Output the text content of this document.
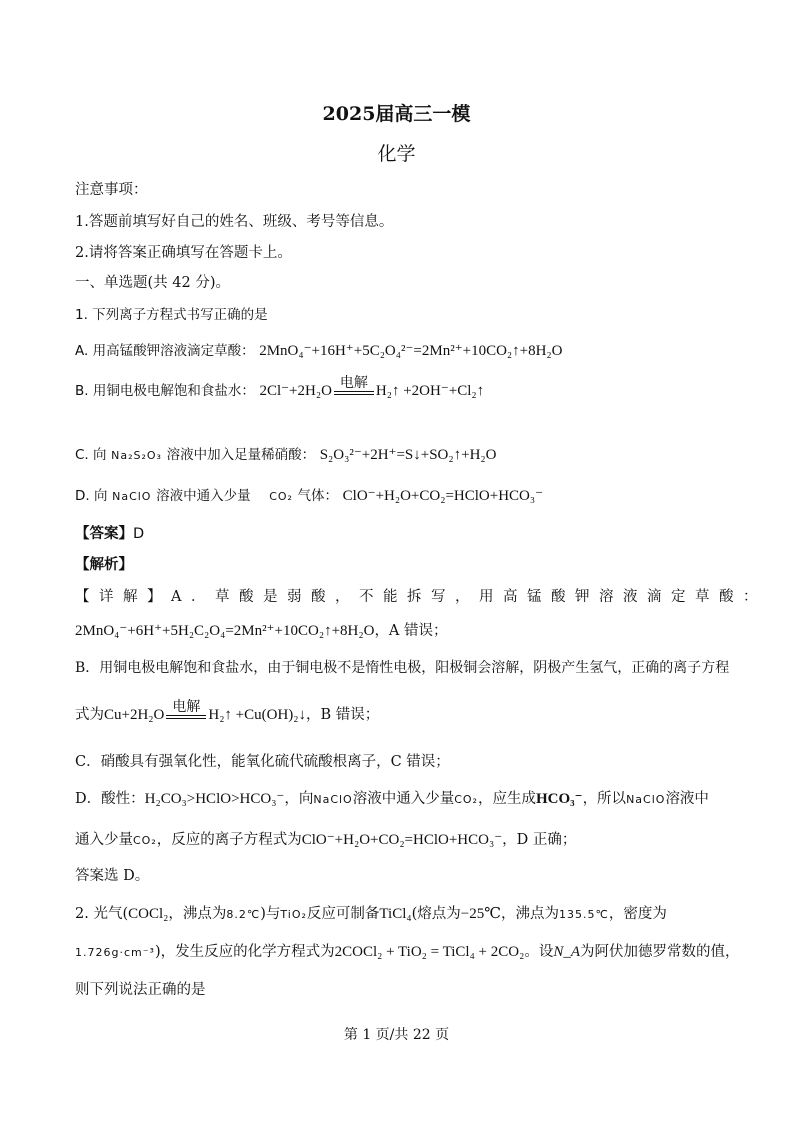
2025届高三一模
化学
注意事项：
1.答题前填写好自己的姓名、班级、考号等信息。
2.请将答案正确填写在答题卡上。
一、单选题(共 42 分)。
1. 下列离子方程式书写正确的是
A. 用高锰酸钾溶液滴定草酸： 2MnO₄⁻+16H⁺+5C₂O₄²⁻=2Mn²⁺+10CO₂↑+8H₂O
B. 用铜电极电解饱和食盐水： 2Cl⁻+2H₂O 电解 H₂↑ +2OH⁻+Cl₂↑
C. 向 Na₂S₂O₃ 溶液中加入足量稀硝酸： S₂O₃²⁻+2H⁺=S↓+SO₂↑+H₂O
D. 向 NaClO 溶液中通入少量 CO₂ 气体： ClO⁻+H₂O+CO₂=HClO+HCO₃⁻
【答案】D
【解析】
【详解】A．草酸是弱酸，不能拆写，用高锰酸钾溶液滴定草酸：
2MnO₄⁻+6H⁺+5H₂C₂O₄=2Mn²⁺+10CO₂↑+8H₂O，A 错误；
B．用铜电极电解饱和食盐水，由于铜电极不是惰性电极，阳极铜会溶解，阴极产生氢气，正确的离子方程
式为Cu+2H₂O 电解 H₂↑ +Cu(OH)₂↓，B 错误；
C．硝酸具有强氧化性，能氧化硫代硫酸根离子，C 错误；
D．酸性：H₂CO₃>HClO>HCO₃⁻，向NaClO溶液中通入少量CO₂，应生成HCO₃⁻，所以NaClO溶液中
通入少量CO₂，反应的离子方程式为ClO⁻+H₂O+CO₂=HClO+HCO₃⁻，D 正确；
答案选 D。
2. 光气(COCl₂，沸点为8.2℃)与TiO₂反应可制备TiCl₄(熔点为−25℃，沸点为135.5℃，密度为
1.726g·cm⁻³)，发生反应的化学方程式为2COCl₂ + TiO₂ = TiCl₄ + 2CO₂。设N_A为阿伏加德罗常数的值，
则下列说法正确的是
第 1 页/共 22 页
